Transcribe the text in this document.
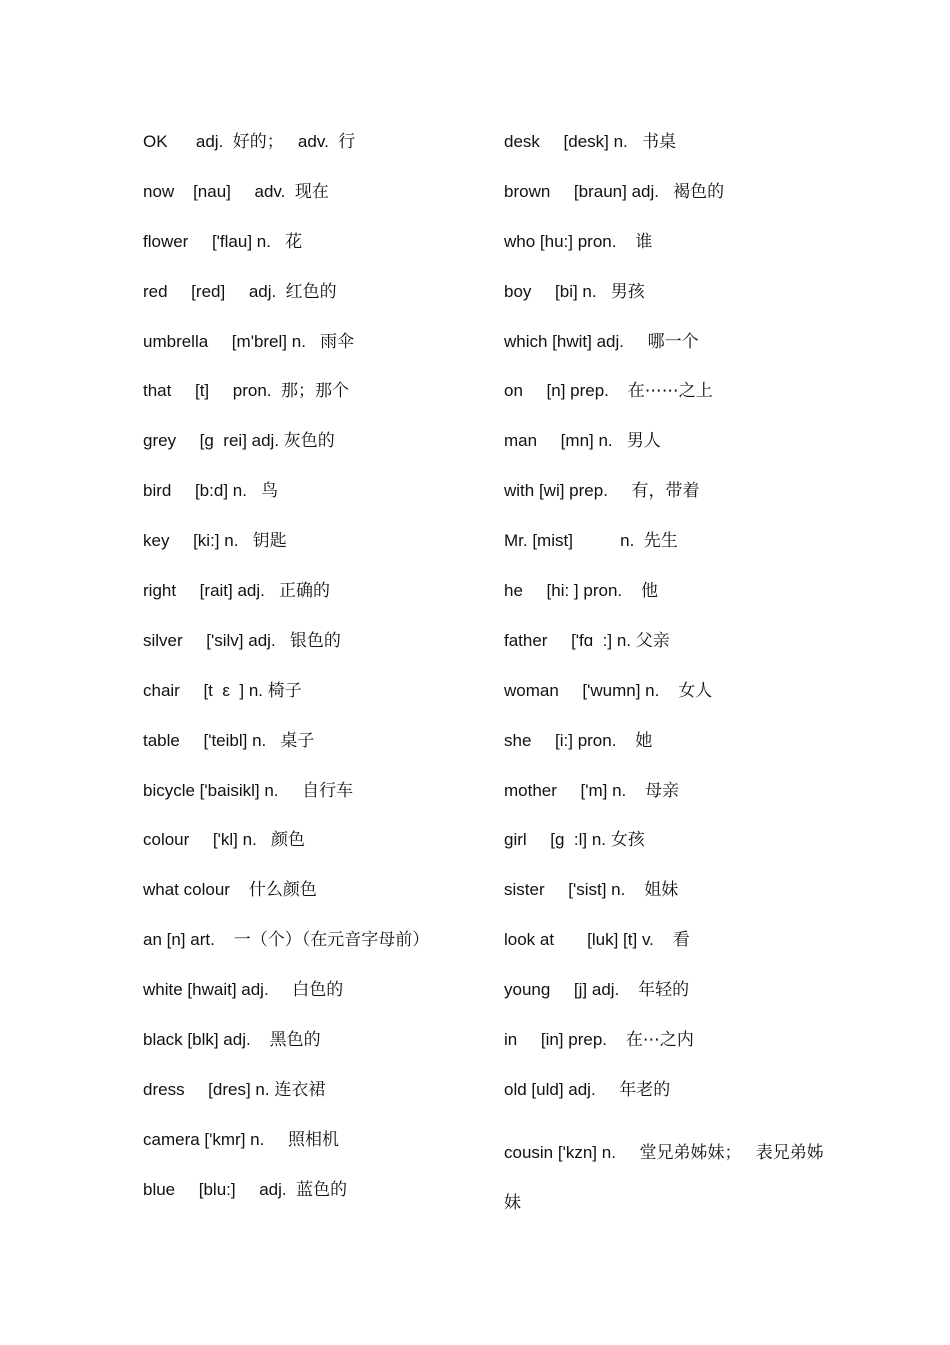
OK      adj.  好的；   adv.  行
now    [nau]     adv.  现在
flower     ['flau] n.   花
red     [red]     adj.  红色的
umbrella     [m'brel] n.   雨伞
that     [t]     pron.  那；那个
grey     [ɡ  rei] adj. 灰色的
bird     [b:d] n.   鸟
key     [ki:] n.   钥匙
right     [rait] adj.   正确的
silver     ['silv] adj.   银色的
chair     [t  ε  ] n. 椅子
table     ['teibl] n.   桌子
bicycle ['baisikl] n.     自行车
colour     ['kl] n.   颜色
what colour    什么颜色
an [n] art.    一（个）（在元音字母前）
white [hwait] adj.     白色的
black [blk] adj.    黑色的
dress     [dres] n. 连衣裙
camera ['kmr] n.     照相机
blue     [blu:]     adj.  蓝色的
desk     [desk] n.   书桌
brown     [braun] adj.   褐色的
who [hu:] pron.    谁
boy     [bi] n.   男孩
which [hwit] adj.     哪一个
on     [n] prep.    在⋯⋯之上
man     [mn] n.   男人
with [wi] prep.     有，带着
Mr. [mist]          n.  先生
he     [hi: ] pron.    他
father     ['fɑ  :] n. 父亲
woman     ['wumn] n.    女人
she     [i:] pron.    她
mother     ['m] n.    母亲
girl     [ɡ  :l] n. 女孩
sister     ['sist] n.    姐妹
look at       [luk] [t] v.    看
young     [j] adj.    年轻的
in     [in] prep.    在⋯之内
old [uld] adj.     年老的
cousin ['kzn] n.     堂兄弟姊妹；   表兄弟姊妹
